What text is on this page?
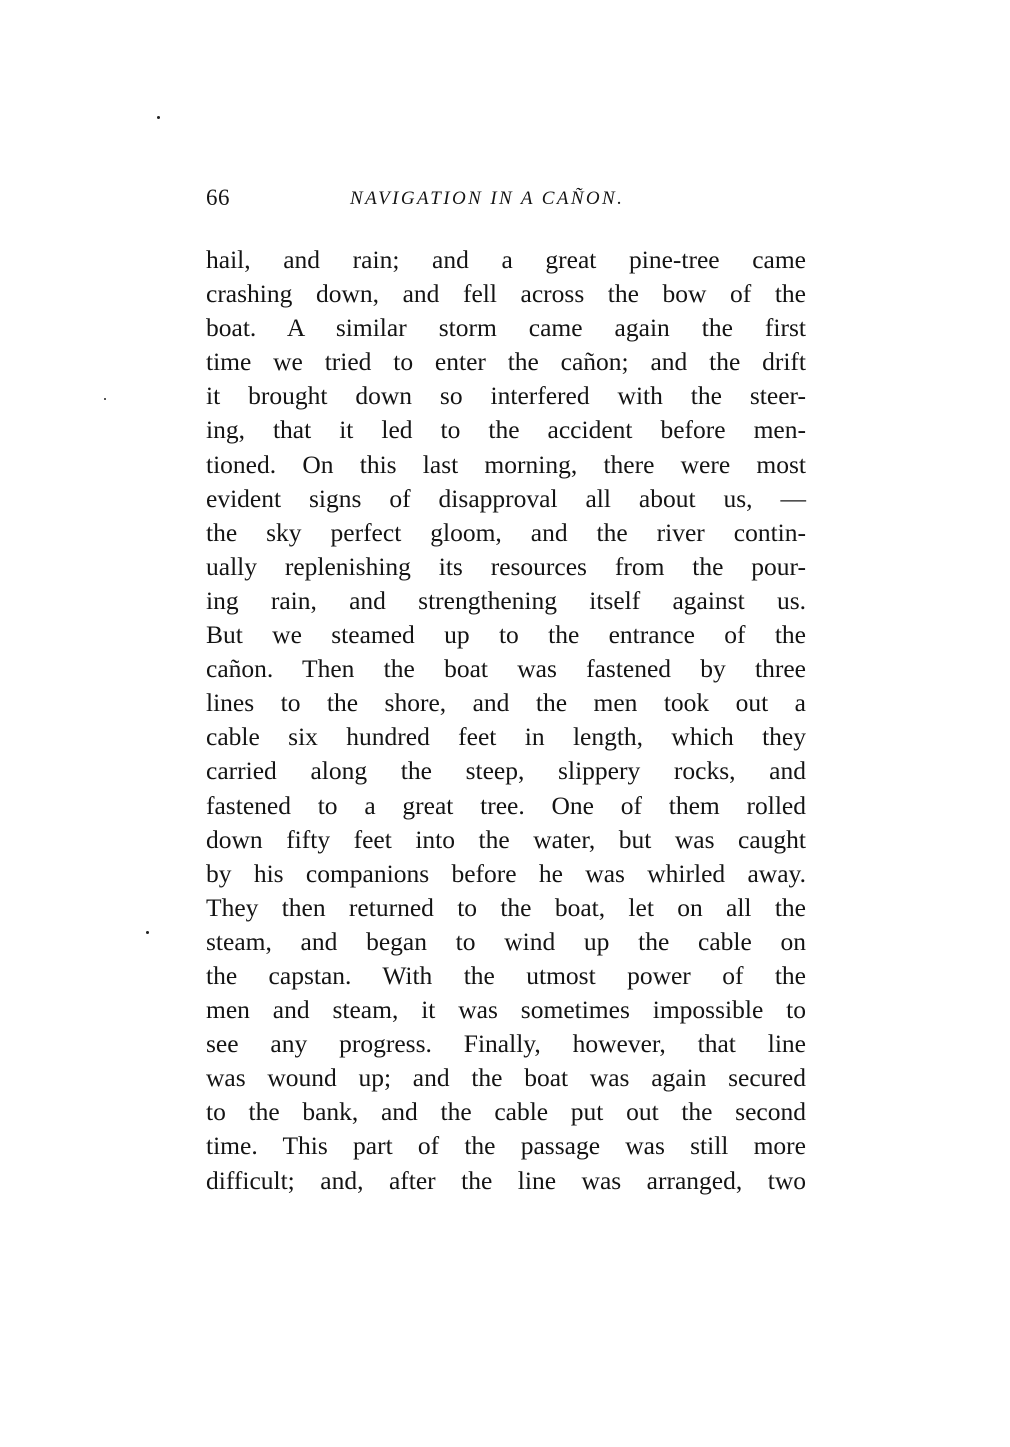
66	NAVIGATION IN A CAÑON.
hail, and rain; and a great pine-tree came
crashing down, and fell across the bow of the
boat. A similar storm came again the first
time we tried to enter the cañon; and the drift
it brought down so interfered with the steer-
ing, that it led to the accident before men-
tioned. On this last morning, there were most
evident signs of disapproval all about us, —
the sky perfect gloom, and the river contin-
ually replenishing its resources from the pour-
ing rain, and strengthening itself against us.
But we steamed up to the entrance of the
cañon. Then the boat was fastened by three
lines to the shore, and the men took out a
cable six hundred feet in length, which they
carried along the steep, slippery rocks, and
fastened to a great tree. One of them rolled
down fifty feet into the water, but was caught
by his companions before he was whirled away.
They then returned to the boat, let on all the
steam, and began to wind up the cable on
the capstan. With the utmost power of the
men and steam, it was sometimes impossible to
see any progress. Finally, however, that line
was wound up; and the boat was again secured
to the bank, and the cable put out the second
time. This part of the passage was still more
difficult; and, after the line was arranged, two
